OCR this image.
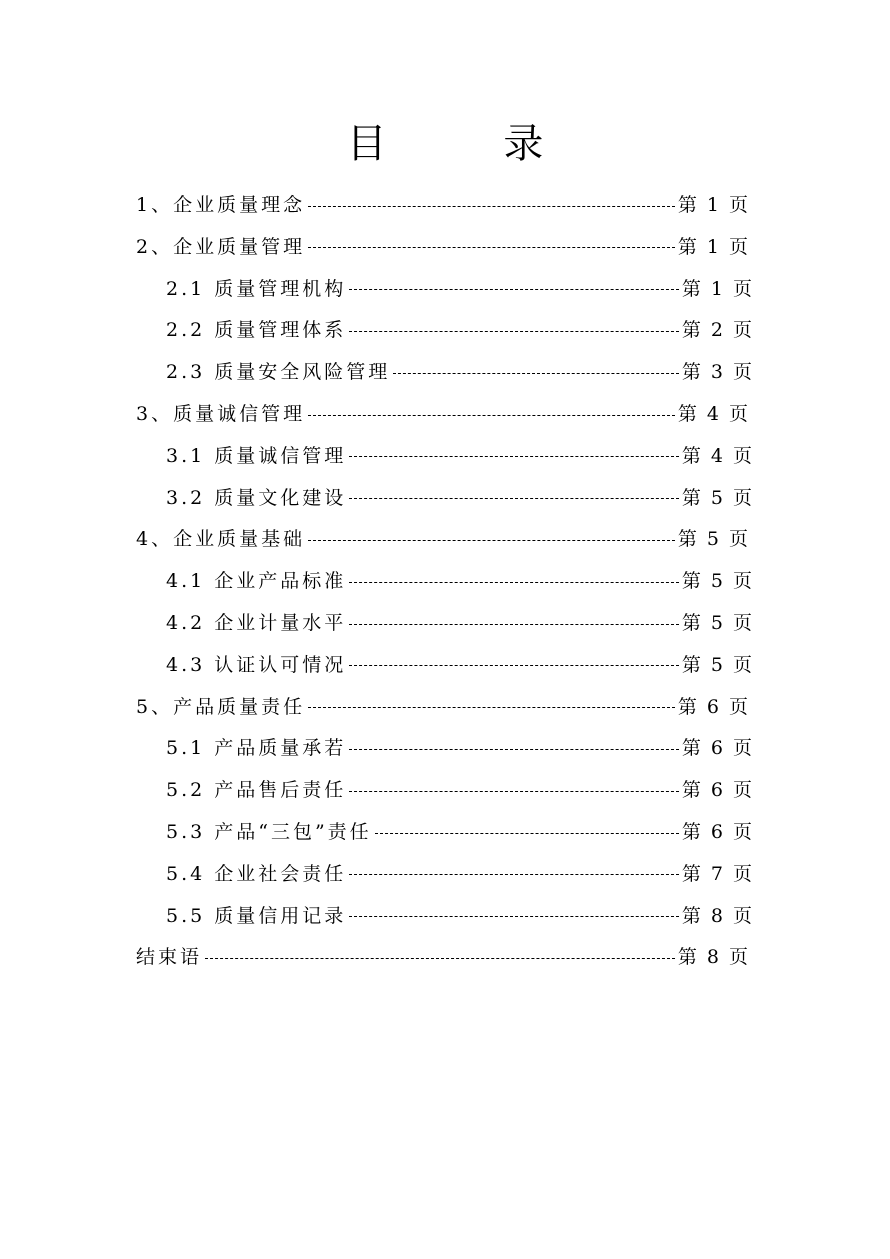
目 录
1、企业质量理念	第 1 页
2、企业质量管理	第 1 页
2.1 质量管理机构	第 1 页
2.2 质量管理体系	第 2 页
2.3 质量安全风险管理	第 3 页
3、质量诚信管理	第 4 页
3.1 质量诚信管理	第 4 页
3.2 质量文化建设	第 5 页
4、企业质量基础	第 5 页
4.1 企业产品标准	第 5 页
4.2 企业计量水平	第 5 页
4.3 认证认可情况	第 5 页
5、产品质量责任	第 6 页
5.1 产品质量承若	第 6 页
5.2 产品售后责任	第 6 页
5.3 产品“三包”责任	第 6 页
5.4 企业社会责任	第 7 页
5.5 质量信用记录	第 8 页
结束语	第 8 页
